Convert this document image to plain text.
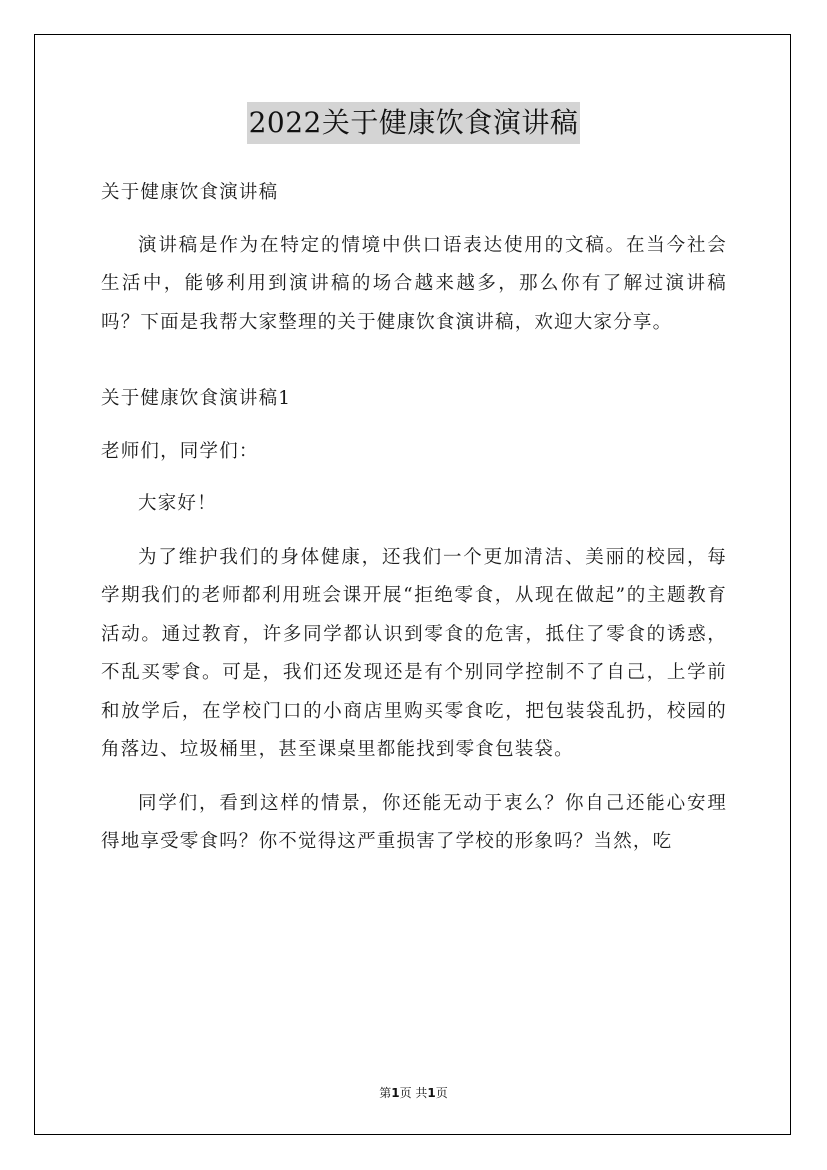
2022关于健康饮食演讲稿

关于健康饮食演讲稿

演讲稿是作为在特定的情境中供口语表达使用的文稿。在当今社会生活中，能够利用到演讲稿的场合越来越多，那么你有了解过演讲稿吗？下面是我帮大家整理的关于健康饮食演讲稿，欢迎大家分享。

关于健康饮食演讲稿1

老师们，同学们：

大家好！

为了维护我们的身体健康，还我们一个更加清洁、美丽的校园，每学期我们的老师都利用班会课开展“拒绝零食，从现在做起”的主题教育活动。通过教育，许多同学都认识到零食的危害，抵住了零食的诱惑，不乱买零食。可是，我们还发现还是有个别同学控制不了自己，上学前和放学后，在学校门口的小商店里购买零食吃，把包装袋乱扔，校园的角落边、垃圾桶里，甚至课桌里都能找到零食包装袋。

同学们，看到这样的情景，你还能无动于衷么？你自己还能心安理得地享受零食吗？你不觉得这严重损害了学校的形象吗？当然，吃

第1页 共1页
